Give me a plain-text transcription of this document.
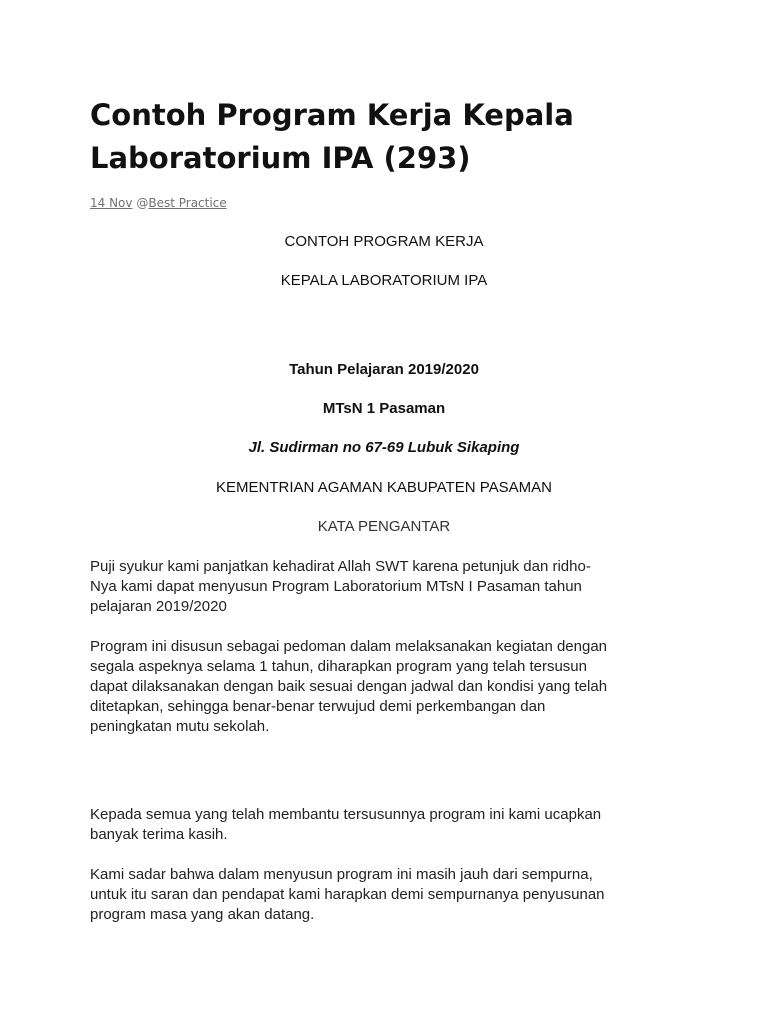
Contoh Program Kerja Kepala
Laboratorium IPA (293)
14 Nov @Best Practice
CONTOH PROGRAM KERJA
KEPALA LABORATORIUM IPA
Tahun Pelajaran 2019/2020
MTsN 1 Pasaman
Jl. Sudirman no 67-69 Lubuk Sikaping
KEMENTRIAN AGAMAN KABUPATEN PASAMAN
KATA PENGANTAR
Puji syukur kami panjatkan kehadirat Allah SWT karena petunjuk dan ridho-
Nya kami dapat menyusun Program Laboratorium MTsN I Pasaman tahun
pelajaran 2019/2020
Program ini disusun sebagai pedoman dalam melaksanakan kegiatan dengan
segala aspeknya selama 1 tahun, diharapkan program yang telah tersusun
dapat dilaksanakan dengan baik sesuai dengan jadwal dan kondisi yang telah
ditetapkan, sehingga benar-benar terwujud demi perkembangan dan
peningkatan mutu sekolah.
Kepada semua yang telah membantu tersusunnya program ini kami ucapkan
banyak terima kasih.
Kami sadar bahwa dalam menyusun program ini masih jauh dari sempurna,
untuk itu saran dan pendapat kami harapkan demi sempurnanya penyusunan
program masa yang akan datang.
